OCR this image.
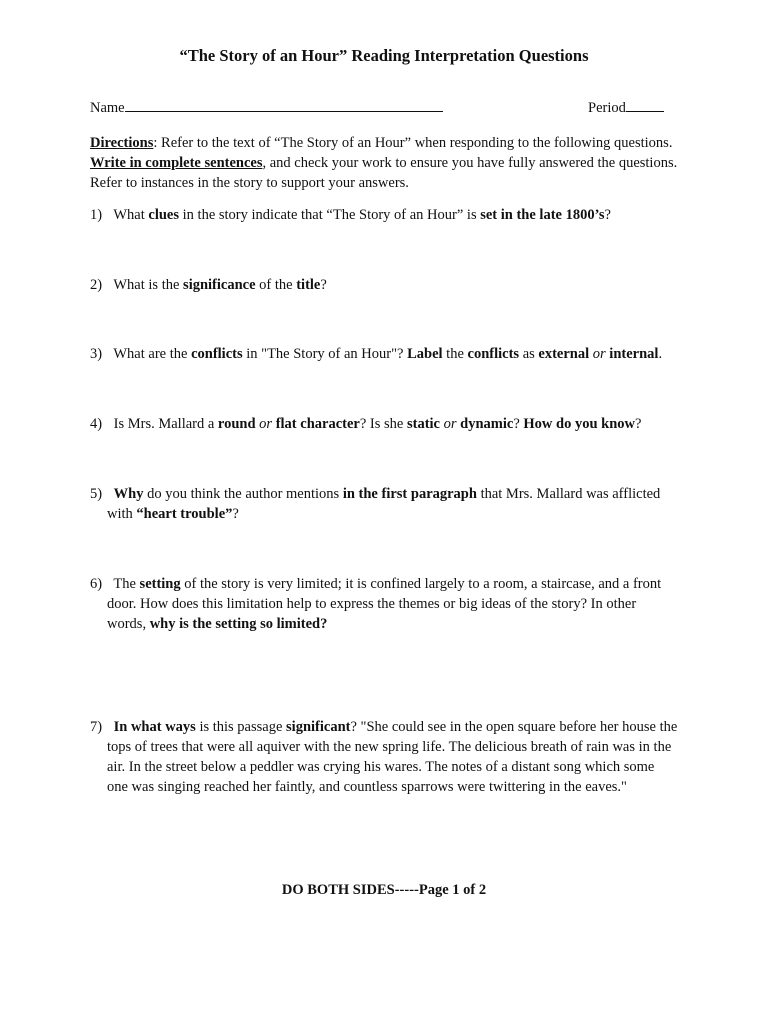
“The Story of an Hour” Reading Interpretation Questions
Name	Period
Directions: Refer to the text of “The Story of an Hour” when responding to the following questions.
Write in complete sentences, and check your work to ensure you have fully answered the questions.
Refer to instances in the story to support your answers.
1) What clues in the story indicate that “The Story of an Hour” is set in the late 1800’s?
2) What is the significance of the title?
3) What are the conflicts in "The Story of an Hour"? Label the conflicts as external or internal.
4) Is Mrs. Mallard a round or flat character? Is she static or dynamic? How do you know?
5) Why do you think the author mentions in the first paragraph that Mrs. Mallard was afflicted
with “heart trouble”?
6) The setting of the story is very limited; it is confined largely to a room, a staircase, and a front
door. How does this limitation help to express the themes or big ideas of the story? In other
words, why is the setting so limited?
7) In what ways is this passage significant? "She could see in the open square before her house the
tops of trees that were all aquiver with the new spring life. The delicious breath of rain was in the
air. In the street below a peddler was crying his wares. The notes of a distant song which some
one was singing reached her faintly, and countless sparrows were twittering in the eaves."
DO BOTH SIDES-----Page 1 of 2
